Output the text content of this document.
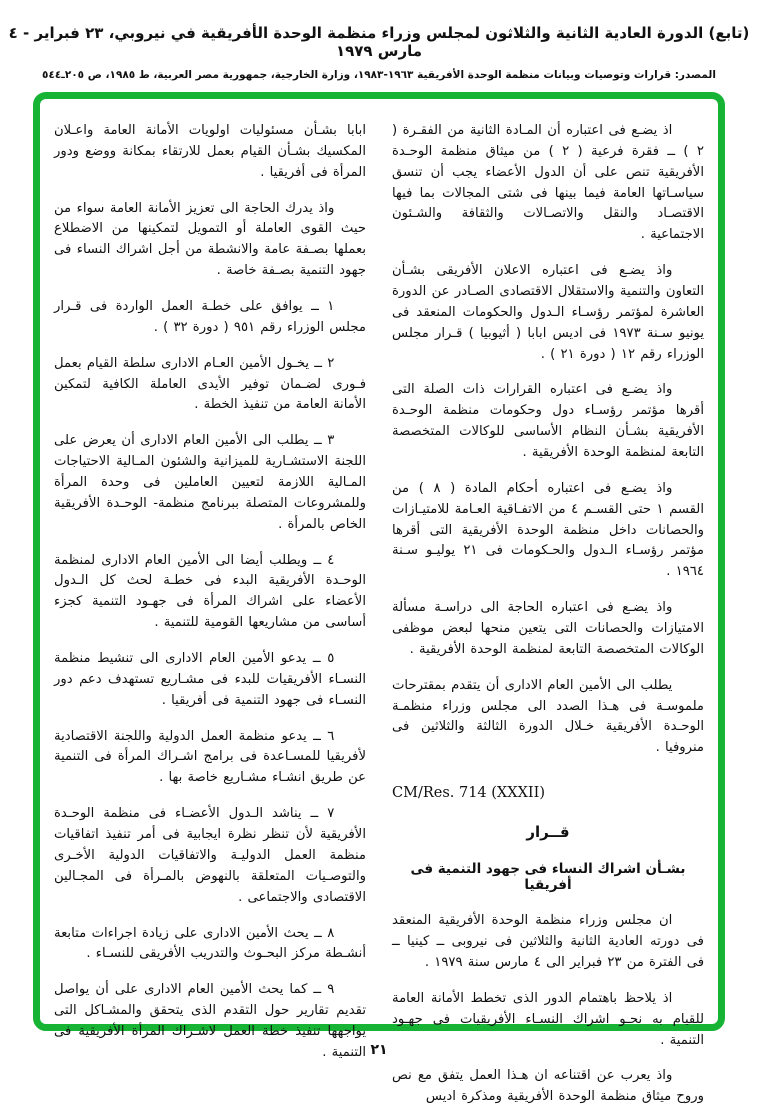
(تابع) الدورة العادية الثانية والثلاثون لمجلس وزراء منظمة الوحدة الأفريقية في نيروبي، ٢٣ فبراير - ٤ مارس ١٩٧٩
المصدر: قرارات وتوصيات وبيانات منظمة الوحدة الأفريقية ١٩٦٣-١٩٨٣، وزارة الخارجية، جمهورية مصر العربية، ط ١٩٨٥، ص ٢٠٥ـ٥٤٤

اذ يضـع فى اعتباره أن المـادة الثانية من الفقـرة ( ٢ ) ــ فقرة فرعية ( ٢ ) من ميثاق منظمة الوحـدة الأفريقية تنص على أن الدول الأعضاء يجب أن تنسق سياسـاتها العامة فيما بينها فى شتى المجالات بما فيها الاقتصـاد والنقل والاتصـالات والثقافة والشـئون الاجتماعية .

واذ يضـع فى اعتباره الاعلان الأفريقى بشـأن التعاون والتنمية والاستقلال الاقتصادى الصـادر عن الدورة العاشرة لمؤتمر رؤسـاء الـدول والحكومات المنعقد فى يونيو سـنة ١٩٧٣ فى اديس ابابا ( أثيوبيا ) قـرار مجلس الوزراء رقم ١٢ ( دورة ٢١ ) .

واذ يضـع فى اعتباره القرارات ذات الصلة التى أقرها مؤتمر رؤسـاء دول وحكومات منظمة الوحـدة الأفريقية بشـأن النظام الأساسى للوكالات المتخصصة التابعة لمنظمة الوحدة الأفريقية .

واذ يضـع فى اعتباره أحكام المادة ( ٨ ) من القسم ١ حتى القسـم ٤ من الاتفـاقية العـامة للامتيـازات والحصانات داخل منظمة الوحدة الأفريقية التى أقرها مؤتمر رؤسـاء الـدول والحـكومات فى ٢١ يوليـو سـنة ١٩٦٤ .

واذ يضـع فى اعتباره الحاجة الى دراسـة مسألة الامتيازات والحصانات التى يتعين منحها لبعض موظفى الوكالات المتخصصة التابعة لمنظمة الوحدة الأفريقية .

يطلب الى الأمين العام الادارى أن يتقدم بمقترحات ملموسـة فى هـذا الصدد الى مجلس وزراء منظمـة الوحـدة الأفريقية خـلال الدورة الثالثة والثلاثين فى منروفيا .

CM/Res. 714 (XXXII)
قــرار
بشـأن اشراك النساء فى جهود التنمية فى أفريقيا

ان مجلس وزراء منظمة الوحدة الأفريقية المنعقد فى دورته العادية الثانية والثلاثين فى نيروبى ــ كينيا ــ فى الفترة من ٢٣ فبراير الى ٤ مارس سنة ١٩٧٩ .

اذ يلاحظ باهتمام الدور الذى تخطط الأمانة العامة للقيام به نحـو اشراك النسـاء الأفريقيات فى جهـود التنمية .

واذ يعرب عن اقتناعه ان هـذا العمل يتفق مع نص وروح ميثاق منظمة الوحدة الأفريقية ومذكرة اديس

ابابا بشـأن مسئوليات اولويات الأمانة العامة واعـلان المكسيك بشـأن القيام بعمل للارتقاء بمكانة ووضع ودور المرأة فى أفريقيا .

واذ يدرك الحاجة الى تعزيز الأمانة العامة سواء من حيث القوى العاملة أو التمويل لتمكينها من الاضطلاع بعملها بصـفة عامة والانشطة من أجل اشراك النساء فى جهود التنمية بصـفة خاصة .

١ ــ يوافق على خطـة العمل الواردة فى قـرار مجلس الوزراء رقم ٩٥١ ( دورة ٣٢ ) .

٢ ــ يخـول الأمين العـام الادارى سلطة القيام بعمل فـورى لضـمان توفير الأيدى العاملة الكافية لتمكين الأمانة العامة من تنفيذ الخطة .

٣ ــ يطلب الى الأمين العام الادارى أن يعرض على اللجنة الاستشـارية للميزانية والشئون المـالية الاحتياجات المـالية اللازمة لتعيين العاملين فى وحدة المرأة وللمشروعات المتصلة ببرنامج منظمة- الوحـدة الأفريقية الخاص بالمرأة .

٤ ــ ويطلب أيضا الى الأمين العام الادارى لمنظمة الوحـدة الأفريقية البدء فى خطـة لحث كل الـدول الأعضاء على اشراك المرأة فى جهـود التنمية كجزء أساسى من مشاريعها القومية للتنمية .

٥ ــ يدعو الأمين العام الادارى الى تنشيط منظمة النسـاء الأفريقيات للبدء فى مشـاريع تستهدف دعم دور النسـاء فى جهود التنمية فى أفريقيا .

٦ ــ يدعو منظمة العمل الدولية واللجنة الاقتصادية لأفريقيا للمسـاعدة فى برامج اشـراك المرأة فى التنمية عن طريق انشـاء مشـاريع خاصة بها .

٧ ــ يناشد الـدول الأعضـاء فى منظمة الوحـدة الأفريقية لأن تنظر نظرة ايجابية فى أمر تنفيذ اتفاقيات منظمة العمل الدوليـة والاتفاقيات الدولية الأخـرى والتوصـيات المتعلقة بالنهوض بالمـرأة فى المجـالين الاقتصادى والاجتماعى .

٨ ــ يحث الأمين الادارى على زيادة اجراءات متابعة أنشـطة مركز البحـوث والتدريب الأفريقى للنسـاء .

٩ ــ كما يحث الأمين العام الادارى على أن يواصل تقديم تقارير حول التقدم الذى يتحقق والمشـاكل التى يواجهها تنفيذ خطة العمل لاشـراك المرأة الأفريقية فى التنمية . ٢١
